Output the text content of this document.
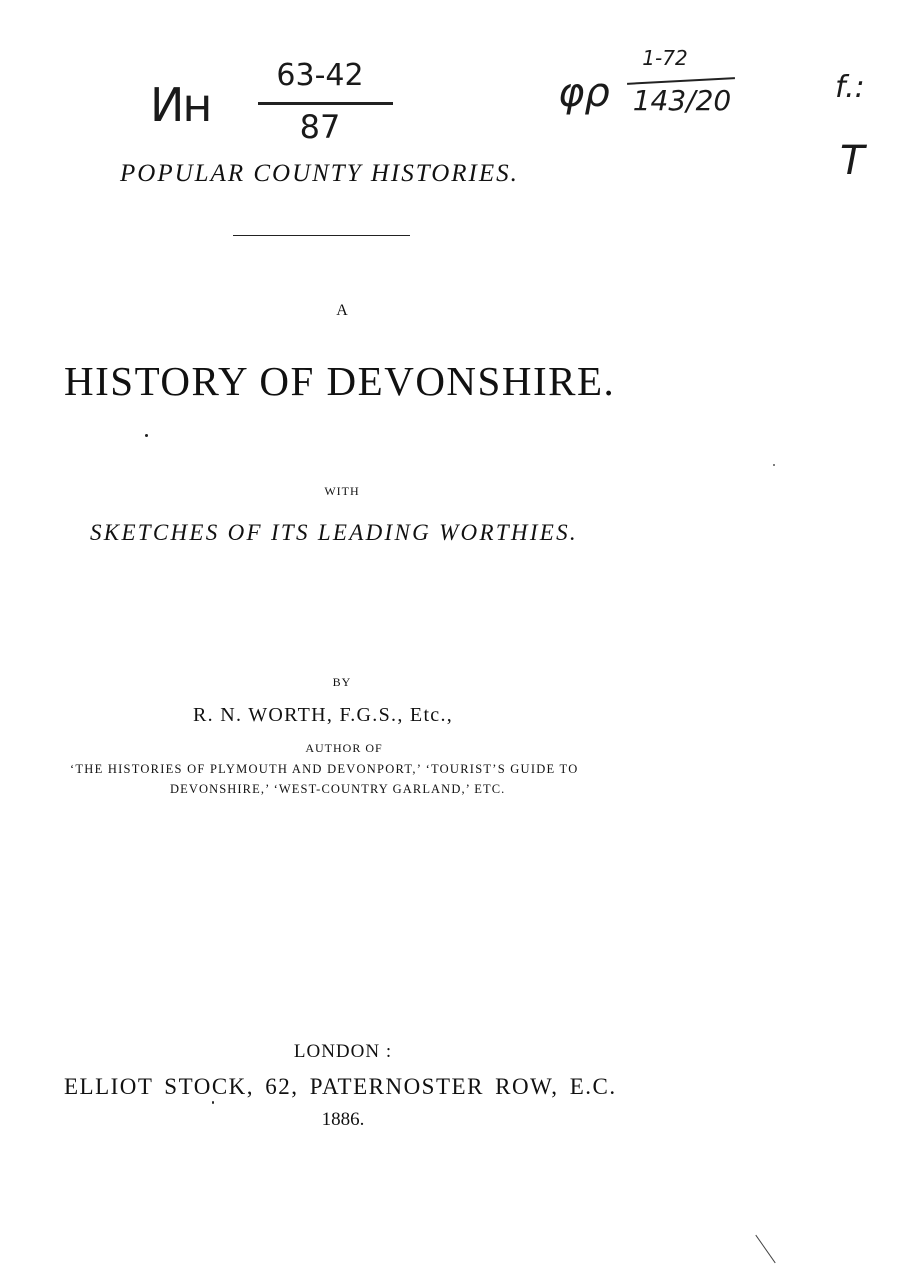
Ин
63-42
87
φρ
1-72
143/20	f.:
T
POPULAR COUNTY HISTORIES.
A
HISTORY OF DEVONSHIRE.
WITH
SKETCHES OF ITS LEADING WORTHIES.
BY
R. N. WORTH, F.G.S., Etc.,
AUTHOR OF
‘THE HISTORIES OF PLYMOUTH AND DEVONPORT,’ ‘TOURIST’S GUIDE TO
DEVONSHIRE,’ ‘WEST-COUNTRY GARLAND,’ ETC.
LONDON :
ELLIOT STOCK, 62, PATERNOSTER ROW, E.C.
1886.
